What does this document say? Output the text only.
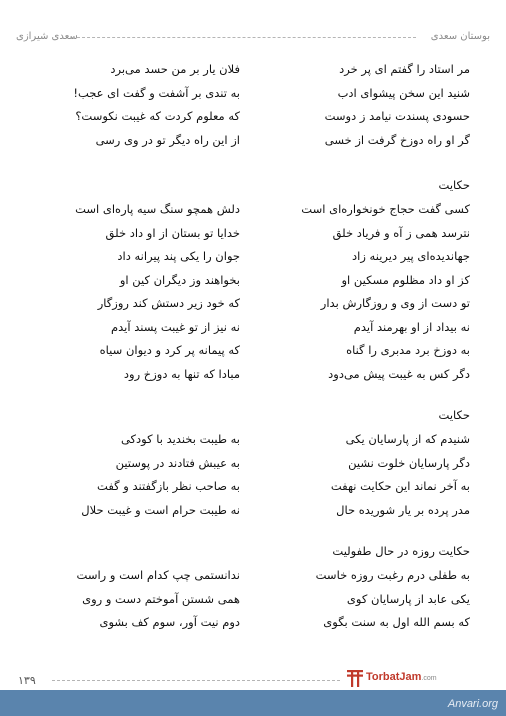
بوستان سعدی
سعدی شیرازی
مر استاد را گفتم ای پر خرد
فلان یار بر من حسد می‌برد
شنید این سخن پیشوای ادب
به تندی بر آشفت و گفت ای عجب!
حسودی پسندت نیامد ز دوست
که معلوم کردت که غیبت نکوست؟
گر او راه دوزخ گرفت از خسی
از این راه دیگر تو در وی رسی
حکایت
کسی گفت حجاج خونخواره‌ای است
دلش همچو سنگ سیه پاره‌ای است
نترسد همی ز آه و فریاد خلق
خدایا تو بستان از او داد خلق
جهاندیده‌ای پیر دیرینه زاد
جوان را یکی پند پیرانه داد
کز او داد مظلوم مسکین او
بخواهند وز دیگران کین او
تو دست از وی و روزگارش بدار
که خود زیر دستش کند روزگار
نه بیداد از او بهرمند آیدم
نه نیز از تو غیبت پسند آیدم
به دوزخ برد مدبری را گناه
که پیمانه پر کرد و دیوان سیاه
دگر کس به غیبت پیش می‌دود
مبادا که تنها به دوزخ رود
حکایت
شنیدم که از پارسایان یکی
به طیبت بخندید با کودکی
دگر پارسایان خلوت نشین
به عیبش فتادند در پوستین
به آخر نماند این حکایت نهفت
به صاحب نظر بازگفتند و گفت
مدر پرده بر یار شوریده حال
نه طیبت حرام است و غیبت حلال
حکایت روزه در حال طفولیت
به طفلی درم رغبت روزه خاست
ندانستمی چپ کدام است و راست
یکی عابد از پارسایان کوی
همی شستن آموختم دست و روی
که بسم الله اول به سنت بگوی
دوم نیت آور، سوم کف بشوی
۱۳۹	TorbatJam.com
Anvari.org
